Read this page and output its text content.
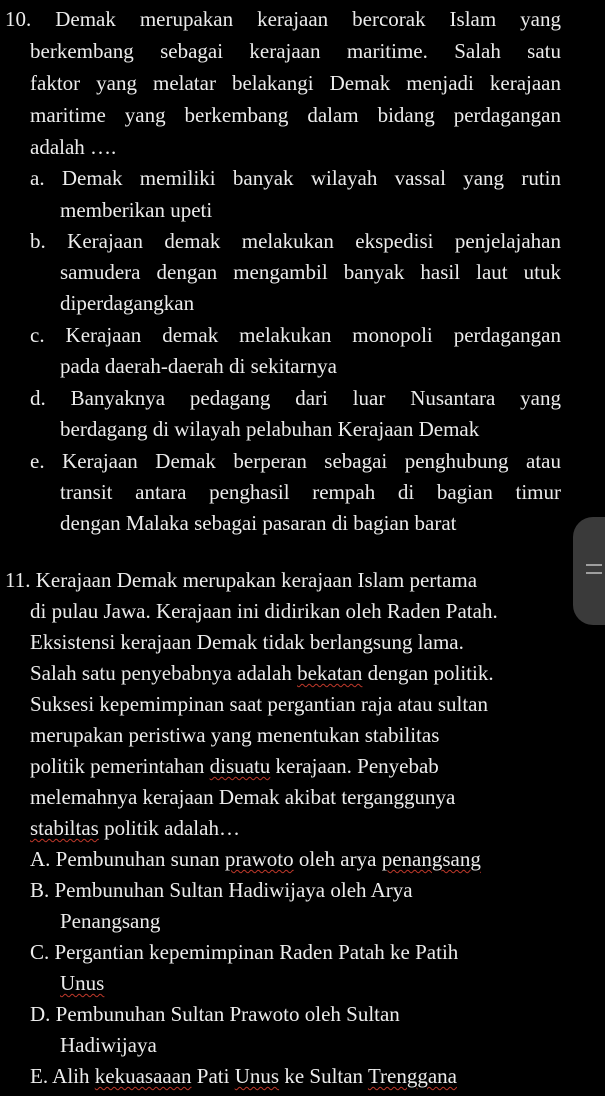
10. Demak merupakan kerajaan bercorak Islam yang
berkembang sebagai kerajaan maritime. Salah satu
faktor yang melatar belakangi Demak menjadi kerajaan
maritime yang berkembang dalam bidang perdagangan
adalah ….
a. Demak memiliki banyak wilayah vassal yang rutin
memberikan upeti
b. Kerajaan demak melakukan ekspedisi penjelajahan
samudera dengan mengambil banyak hasil laut utuk
diperdagangkan
c. Kerajaan demak melakukan monopoli perdagangan
pada daerah-daerah di sekitarnya
d. Banyaknya pedagang dari luar Nusantara yang
berdagang di wilayah pelabuhan Kerajaan Demak
e. Kerajaan Demak berperan sebagai penghubung atau
transit antara penghasil rempah di bagian timur
dengan Malaka sebagai pasaran di bagian barat
11. Kerajaan Demak merupakan kerajaan Islam pertama
di pulau Jawa. Kerajaan ini didirikan oleh Raden Patah.
Eksistensi kerajaan Demak tidak berlangsung lama.
Salah satu penyebabnya adalah bekatan dengan politik.
Suksesi kepemimpinan saat pergantian raja atau sultan
merupakan peristiwa yang menentukan stabilitas
politik pemerintahan disuatu kerajaan. Penyebab
melemahnya kerajaan Demak akibat terganggunya
stabiltas politik adalah…
A. Pembunuhan sunan prawoto oleh arya penangsang
B. Pembunuhan Sultan Hadiwijaya oleh Arya
Penangsang
C. Pergantian kepemimpinan Raden Patah ke Patih
Unus
D. Pembunuhan Sultan Prawoto oleh Sultan
Hadiwijaya
E. Alih kekuasaaan Pati Unus ke Sultan Trenggana
